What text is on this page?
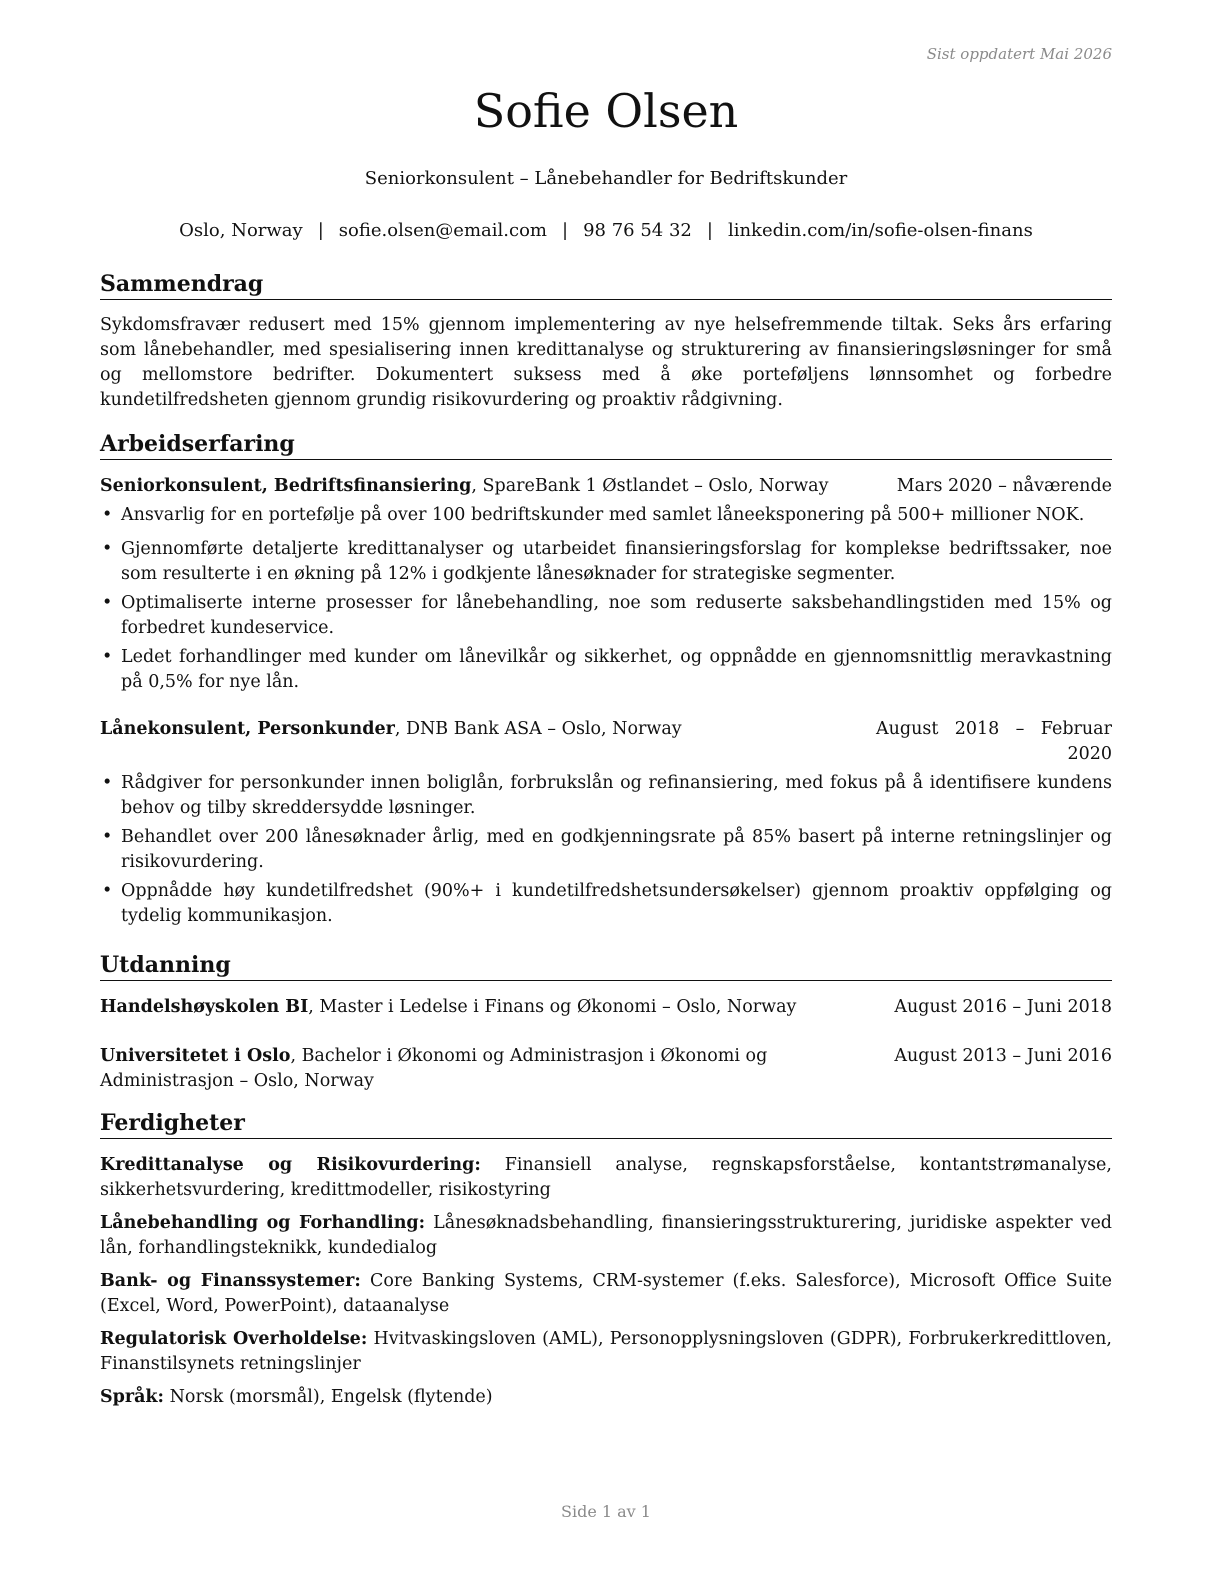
Sist oppdatert Mai 2026
Sofie Olsen
Seniorkonsulent – Lånebehandler for Bedriftskunder
Oslo, Norway | sofie.olsen@email.com | 98 76 54 32 | linkedin.com/in/sofie-olsen-finans
Sammendrag

Sykdomsfravær redusert med 15% gjennom implementering av nye helsefremmende tiltak. Seks års erfaring som lånebehandler, med spesialisering innen kredittanalyse og strukturering av finansieringsløsninger for små og mellomstore bedrifter. Dokumentert suksess med å øke porteføljens lønnsomhet og forbedre kundetilfredsheten gjennom grundig risikovurdering og proaktiv rådgivning.

Arbeidserfaring
Seniorkonsulent, Bedriftsfinansiering, SpareBank 1 Østlandet – Oslo, Norway	Mars 2020 – nåværende
• Ansvarlig for en portefølje på over 100 bedriftskunder med samlet låneeksponering på 500+ millioner NOK.
• Gjennomførte detaljerte kredittanalyser og utarbeidet finansieringsforslag for komplekse bedriftssaker, noe som resulterte i en økning på 12% i godkjente lånesøknader for strategiske segmenter.
• Optimaliserte interne prosesser for lånebehandling, noe som reduserte saksbehandlingstiden med 15% og forbedret kundeservice.
• Ledet forhandlinger med kunder om lånevilkår og sikkerhet, og oppnådde en gjennomsnittlig meravkastning på 0,5% for nye lån.
Lånekonsulent, Personkunder, DNB Bank ASA – Oslo, Norway	August 2018 – Februar 2020
• Rådgiver for personkunder innen boliglån, forbrukslån og refinansiering, med fokus på å identifisere kundens behov og tilby skreddersydde løsninger.
• Behandlet over 200 lånesøknader årlig, med en godkjenningsrate på 85% basert på interne retningslinjer og risikovurdering.
• Oppnådde høy kundetilfredshet (90%+ i kundetilfredshetsundersøkelser) gjennom proaktiv oppfølging og tydelig kommunikasjon.
Utdanning
Handelshøyskolen BI, Master i Ledelse i Finans og Økonomi – Oslo, Norway	August 2016 – Juni 2018
Universitetet i Oslo, Bachelor i Økonomi og Administrasjon i Økonomi og Administrasjon – Oslo, Norway
August 2013 – Juni 2016
Ferdigheter
Kredittanalyse og Risikovurdering: Finansiell analyse, regnskapsforståelse, kontantstrømanalyse, sikkerhetsvurdering, kredittmodeller, risikostyring
Lånebehandling og Forhandling: Lånesøknadsbehandling, finansieringsstrukturering, juridiske aspekter ved lån, forhandlingsteknikk, kundedialog
Bank- og Finanssystemer: Core Banking Systems, CRM-systemer (f.eks. Salesforce), Microsoft Office Suite (Excel, Word, PowerPoint), dataanalyse
Regulatorisk Overholdelse: Hvitvaskingsloven (AML), Personopplysningsloven (GDPR), Forbrukerkredittloven, Finanstilsynets retningslinjer
Språk: Norsk (morsmål), Engelsk (flytende)
Side 1 av 1
